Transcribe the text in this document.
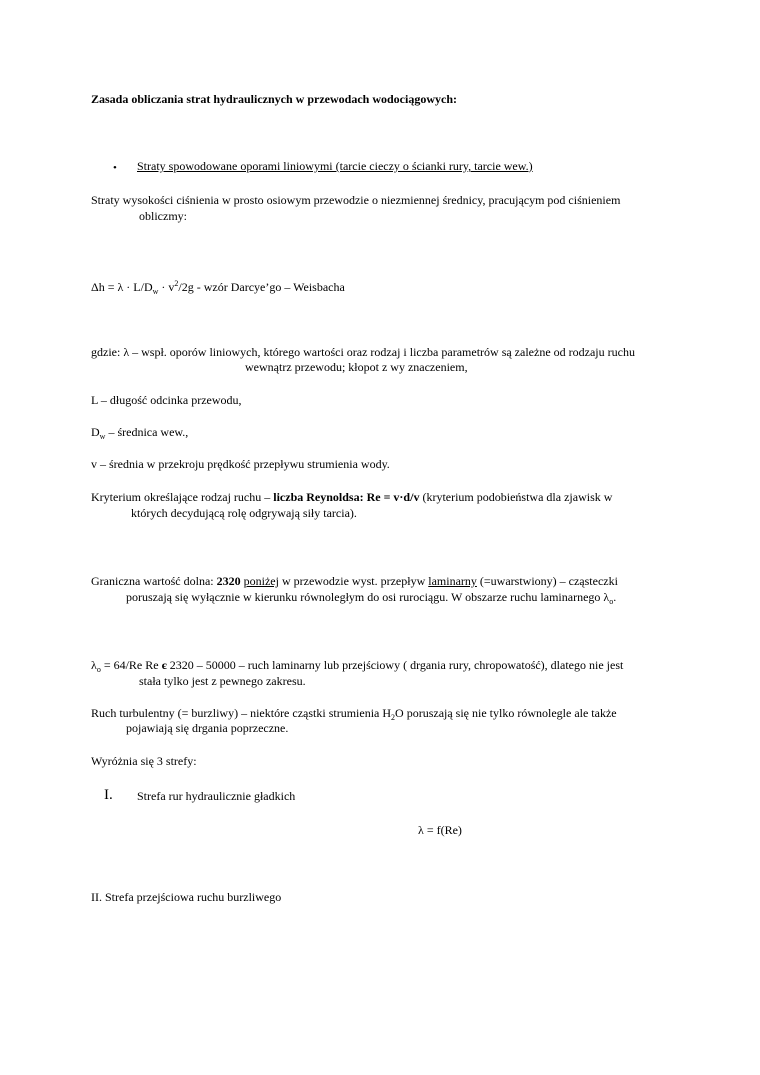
Zasada obliczania strat hydraulicznych w przewodach wodociągowych:
• Straty spowodowane oporami liniowymi (tarcie cieczy o ścianki rury, tarcie wew.)
Straty wysokości ciśnienia w prosto osiowym przewodzie o niezmiennej średnicy, pracującym pod ciśnieniem
obliczmy:
$\Delta h = \lambda \cdot L/D_w \cdot v^2/2g$ - wzór Darcye’go – Weisbacha
gdzie: λ – wspł. oporów liniowych, którego wartości oraz rodzaj i liczba parametrów są zależne od rodzaju ruchu
wewnątrz przewodu; kłopot z wy znaczeniem,
L – długość odcinka przewodu,
$D_w$ – średnica wew.,
v – średnia w przekroju prędkość przepływu strumienia wody.
Kryterium określające rodzaj ruchu – liczba Reynoldsa: Re = v·d/v (kryterium podobieństwa dla zjawisk w
których decydującą rolę odgrywają siły tarcia).
Graniczna wartość dolna: 2320 poniżej w przewodzie wyst. przepływ laminarny (=uwarstwiony) – cząsteczki
poruszają się wyłącznie w kierunku równoległym do osi rurociągu. W obszarze ruchu laminarnego $\lambda_o$.
$\lambda_o = 64/Re$ Re є 2320 – 50000 – ruch laminarny lub przejściowy ( drgania rury, chropowatość), dlatego nie jest
stała tylko jest z pewnego zakresu.
Ruch turbulentny (= burzliwy) – niektóre cząstki strumienia $H_2O$ poruszają się nie tylko równolegle ale także
pojawiają się drgania poprzeczne.
Wyróżnia się 3 strefy:
I. Strefa rur hydraulicznie gładkich
λ = f(Re)
II. Strefa przejściowa ruchu burzliwego
